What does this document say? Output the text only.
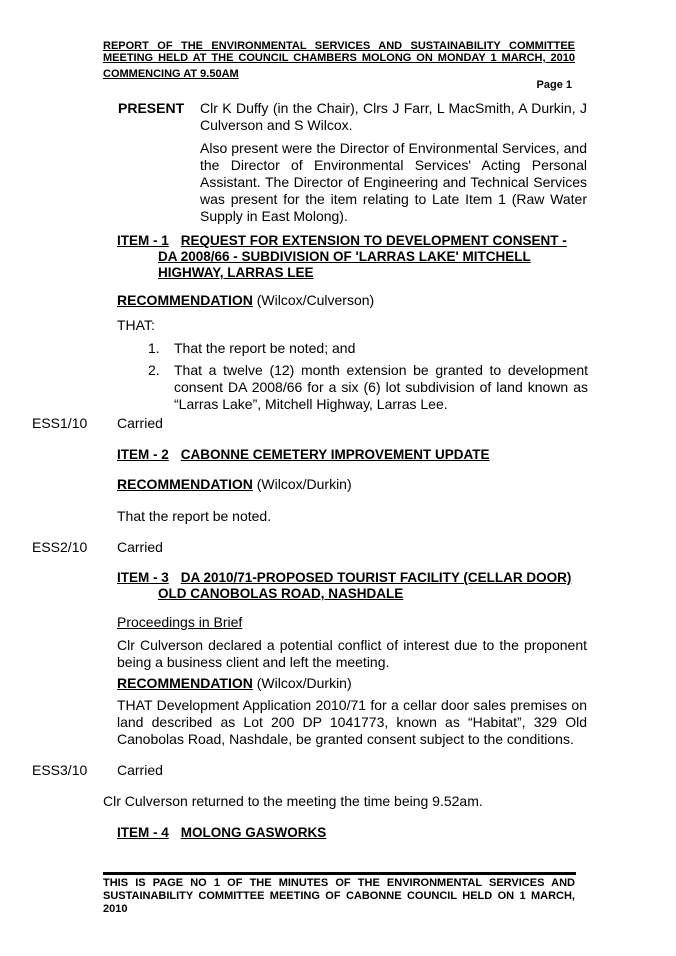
REPORT OF THE ENVIRONMENTAL SERVICES AND SUSTAINABILITY COMMITTEE
MEETING HELD AT THE COUNCIL CHAMBERS MOLONG ON MONDAY 1 MARCH, 2010
COMMENCING AT 9.50AM
Page 1
PRESENT Clr K Duffy (in the Chair), Clrs J Farr, L MacSmith, A Durkin, J Culverson and S Wilcox.
Also present were the Director of Environmental Services, and the Director of Environmental Services' Acting Personal Assistant. The Director of Engineering and Technical Services was present for the item relating to Late Item 1 (Raw Water Supply in East Molong).
ITEM - 1 REQUEST FOR EXTENSION TO DEVELOPMENT CONSENT -
DA 2008/66 - SUBDIVISION OF 'LARRAS LAKE' MITCHELL
HIGHWAY, LARRAS LEE
RECOMMENDATION (Wilcox/Culverson)
THAT:
1. That the report be noted; and
2.	That a twelve (12) month extension be granted to development consent DA 2008/66 for a six (6) lot subdivision of land known as “Larras Lake”, Mitchell Highway, Larras Lee.
ESS1/10 Carried
ITEM - 2 CABONNE CEMETERY IMPROVEMENT UPDATE
RECOMMENDATION (Wilcox/Durkin)
That the report be noted.
ESS2/10 Carried
ITEM - 3 DA 2010/71-PROPOSED TOURIST FACILITY (CELLAR DOOR)
OLD CANOBOLAS ROAD, NASHDALE
Proceedings in Brief
Clr Culverson declared a potential conflict of interest due to the proponent being a business client and left the meeting.
RECOMMENDATION (Wilcox/Durkin)
THAT Development Application 2010/71 for a cellar door sales premises on land described as Lot 200 DP 1041773, known as “Habitat”, 329 Old Canobolas Road, Nashdale, be granted consent subject to the conditions.
ESS3/10 Carried
Clr Culverson returned to the meeting the time being 9.52am.
ITEM - 4 MOLONG GASWORKS
THIS IS PAGE NO 1 OF THE MINUTES OF THE ENVIRONMENTAL SERVICES AND SUSTAINABILITY COMMITTEE MEETING OF CABONNE COUNCIL HELD ON 1 MARCH, 2010
